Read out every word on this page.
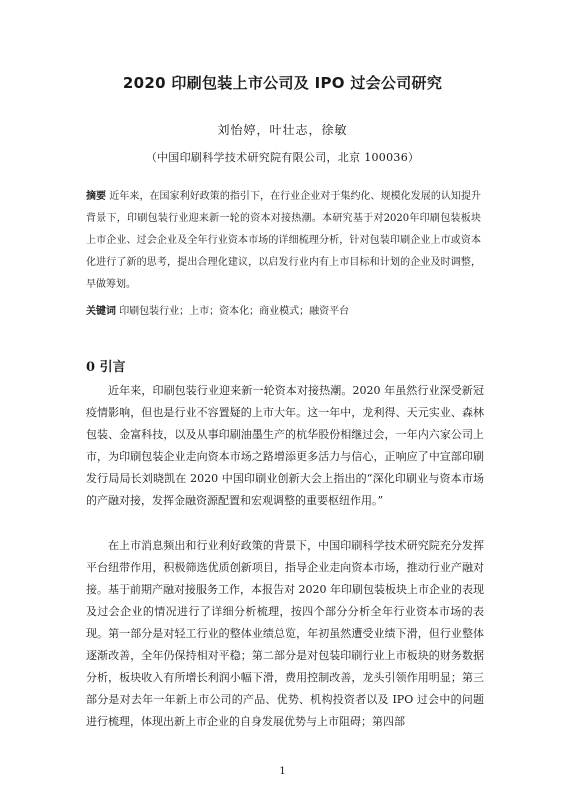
2020 印刷包装上市公司及 IPO 过会公司研究
刘怡婷，叶壮志，徐敏
（中国印刷科学技术研究院有限公司，北京 100036）

摘要 近年来，在国家利好政策的指引下，在行业企业对于集约化、规模化发展的认知提升背景下，印刷包装行业迎来新一轮的资本对接热潮。本研究基于对2020年印刷包装板块上市企业、过会企业及全年行业资本市场的详细梳理分析，针对包装印刷企业上市或资本化进行了新的思考，提出合理化建议，以启发行业内有上市目标和计划的企业及时调整，早做筹划。

关键词 印刷包装行业；上市；资本化；商业模式；融资平台

0 引言

近年来，印刷包装行业迎来新一轮资本对接热潮。2020 年虽然行业深受新冠疫情影响，但也是行业不容置疑的上市大年。这一年中，龙利得、天元实业、森林包装、金富科技，以及从事印刷油墨生产的杭华股份相继过会，一年内六家公司上市，为印刷包装企业走向资本市场之路增添更多活力与信心，正响应了中宣部印刷发行局局长刘晓凯在 2020 中国印刷业创新大会上指出的“深化印刷业与资本市场的产融对接，发挥金融资源配置和宏观调整的重要枢纽作用。”

在上市消息频出和行业利好政策的背景下，中国印刷科学技术研究院充分发挥平台纽带作用，积极筛选优质创新项目，指导企业走向资本市场，推动行业产融对接。基于前期产融对接服务工作，本报告对 2020 年印刷包装板块上市企业的表现及过会企业的情况进行了详细分析梳理，按四个部分分析全年行业资本市场的表现。第一部分是对轻工行业的整体业绩总览，年初虽然遭受业绩下滑，但行业整体逐渐改善，全年仍保持相对平稳；第二部分是对包装印刷行业上市板块的财务数据分析，板块收入有所增长利润小幅下滑，费用控制改善，龙头引领作用明显；第三部分是对去年一年新上市公司的产品、优势、机构投资者以及 IPO 过会中的问题进行梳理，体现出新上市企业的自身发展优势与上市阻碍；第四部

1
